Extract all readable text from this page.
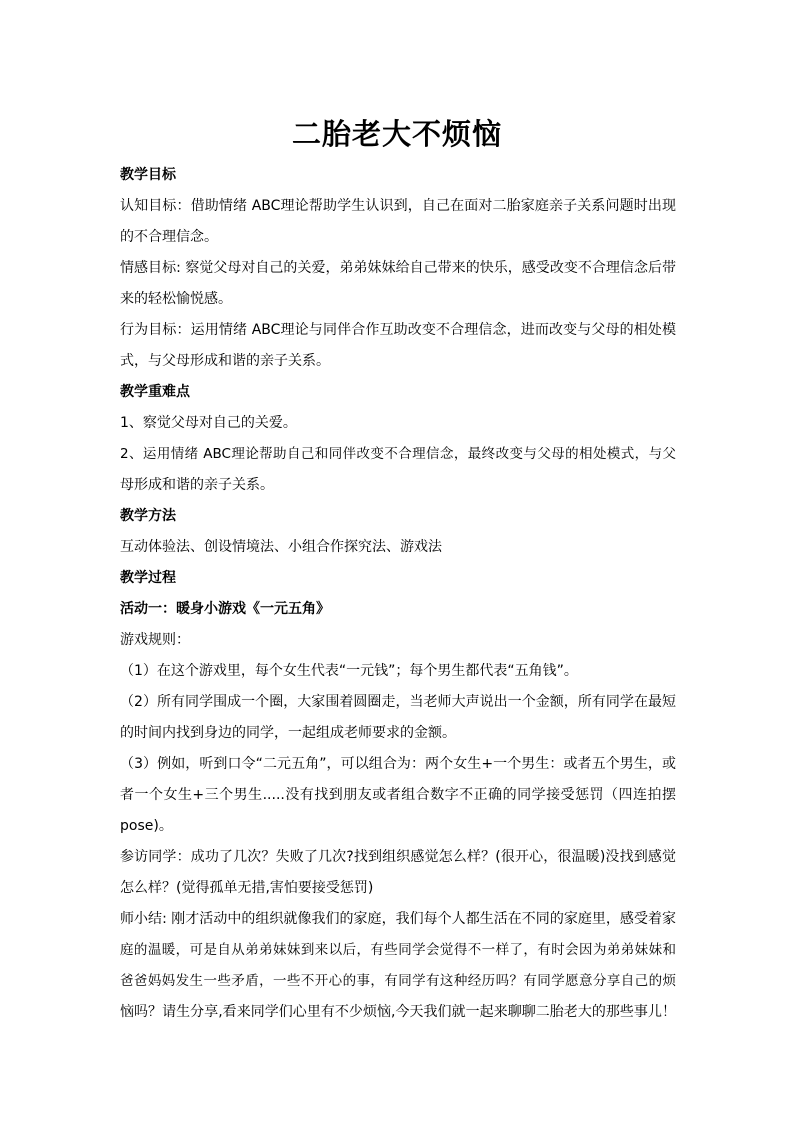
二胎老大不烦恼
教学目标
认知目标：借助情绪 ABC理论帮助学生认识到，自己在面对二胎家庭亲子关系问题时出现
的不合理信念。
情感目标: 察觉父母对自己的关爱，弟弟妹妹给自己带来的快乐，感受改变不合理信念后带
来的轻松愉悦感。
行为目标：运用情绪 ABC理论与同伴合作互助改变不合理信念，进而改变与父母的相处模
式，与父母形成和谐的亲子关系。
教学重难点
1、察觉父母对自己的关爱。
2、运用情绪 ABC理论帮助自己和同伴改变不合理信念，最终改变与父母的相处模式，与父
母形成和谐的亲子关系。
教学方法
互动体验法、创设情境法、小组合作探究法、游戏法
教学过程
活动一：暖身小游戏《一元五角》
游戏规则：
（1）在这个游戏里，每个女生代表“一元钱”；每个男生都代表“五角钱”。
（2）所有同学围成一个圈，大家围着圆圈走，当老师大声说出一个金额，所有同学在最短
的时间内找到身边的同学，一起组成老师要求的金额。
（3）例如，听到口令“二元五角”，可以组合为：两个女生+一个男生：或者五个男生，或
者一个女生+三个男生.....没有找到朋友或者组合数字不正确的同学接受惩罚（四连拍摆
pose)。
参访同学：成功了几次？失败了几次?找到组织感觉怎么样？(很开心，很温暖)没找到感觉
怎么样？(觉得孤单无措,害怕要接受惩罚)
师小结: 刚才活动中的组织就像我们的家庭，我们每个人都生活在不同的家庭里，感受着家
庭的温暖，可是自从弟弟妹妹到来以后，有些同学会觉得不一样了，有时会因为弟弟妹妹和
爸爸妈妈发生一些矛盾，一些不开心的事，有同学有这种经历吗？有同学愿意分享自己的烦
恼吗？请生分享,看来同学们心里有不少烦恼,今天我们就一起来聊聊二胎老大的那些事儿！
